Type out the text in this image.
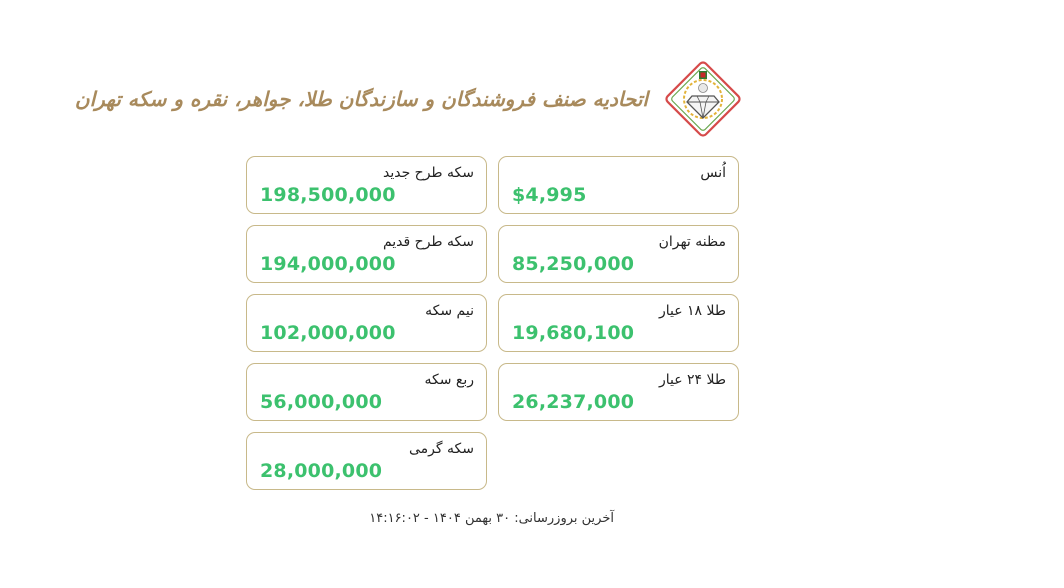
اتحادیه صنف فروشندگان و سازندگان طلا، جواهر، نقره و سکه تهران
اُنس
$4,995
مظنه تهران
85,250,000
طلا ۱۸ عیار
19,680,100
طلا ۲۴ عیار
26,237,000
سکه طرح جدید
198,500,000
سکه طرح قدیم
194,000,000
نیم سکه
102,000,000
ربع سکه
56,000,000
سکه گرمی
28,000,000
آخرین بروزرسانی: ۳۰ بهمن ۱۴۰۴ - ۱۴:۱۶:۰۲
